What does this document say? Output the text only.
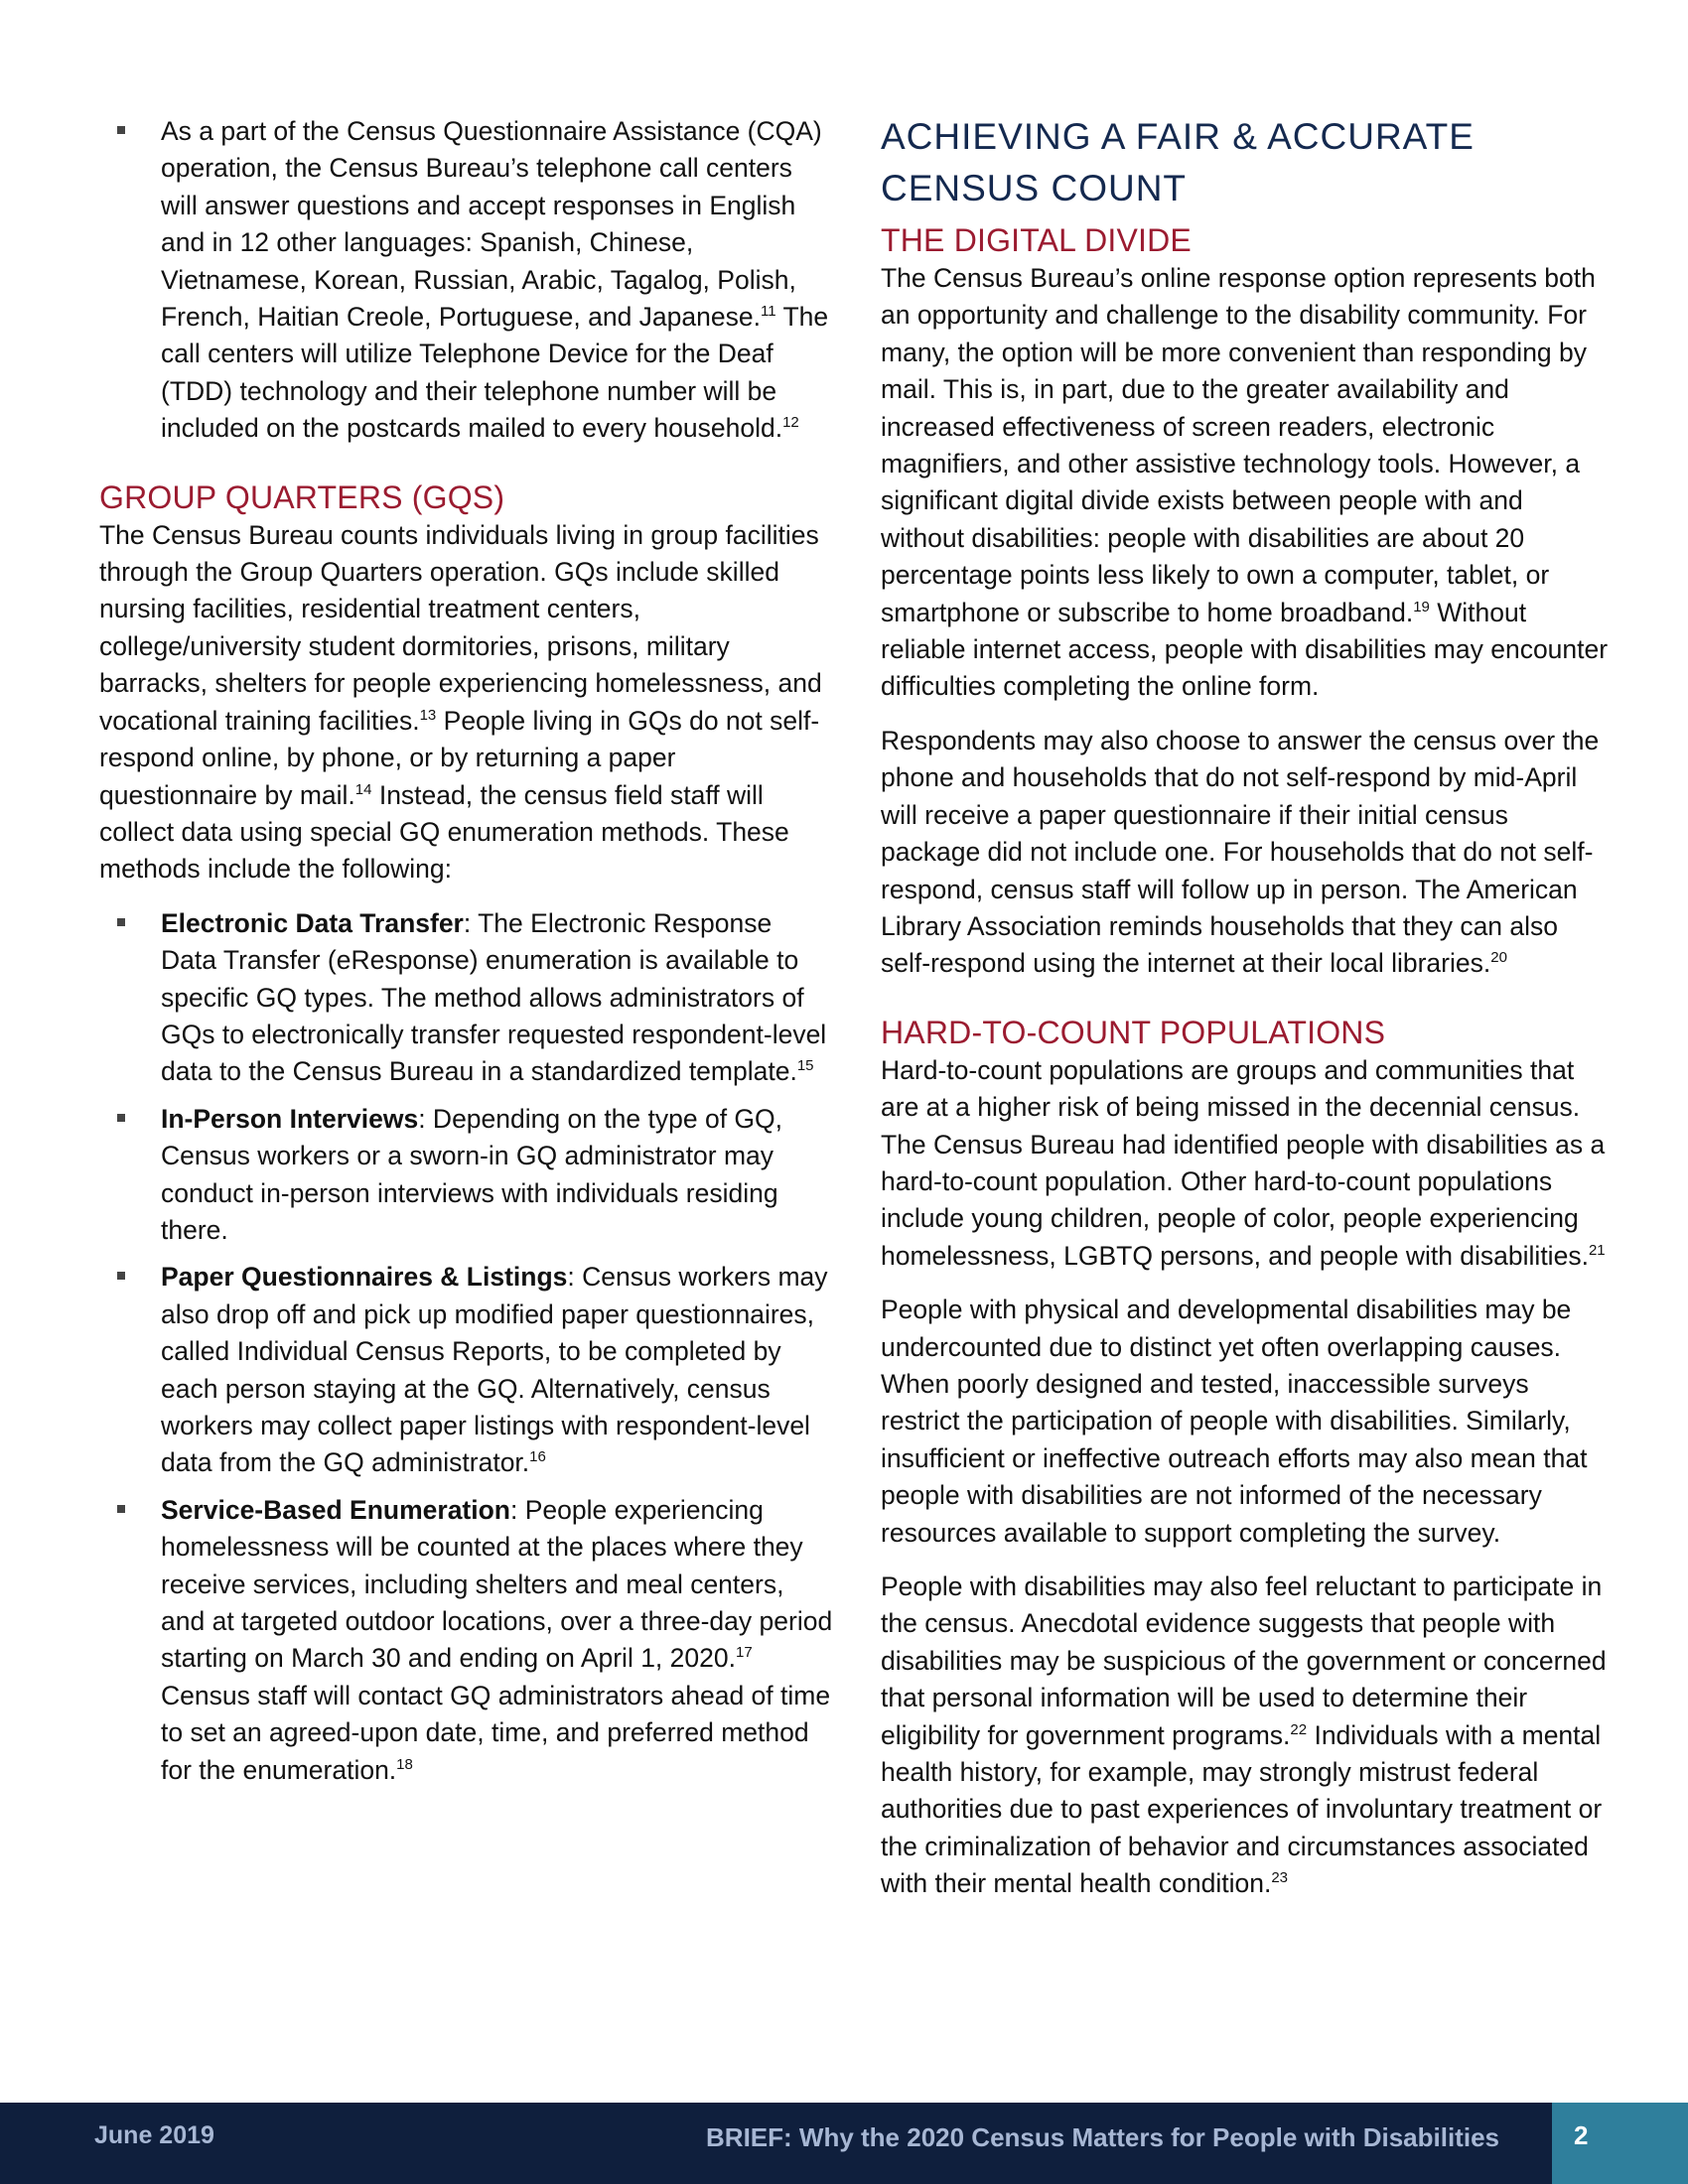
As a part of the Census Questionnaire Assistance (CQA) operation, the Census Bureau’s telephone call centers will answer questions and accept responses in English and in 12 other languages: Spanish, Chinese, Vietnamese, Korean, Russian, Arabic, Tagalog, Polish, French, Haitian Creole, Portuguese, and Japanese.$^{11}$ The call centers will utilize Telephone Device for the Deaf (TDD) technology and their telephone number will be included on the postcards mailed to every household.$^{12}$
GROUP QUARTERS (GQS)

The Census Bureau counts individuals living in group facilities through the Group Quarters operation. GQs include skilled nursing facilities, residential treatment centers, college/university student dormitories, prisons, military barracks, shelters for people experiencing homelessness, and vocational training facilities.$^{13}$ People living in GQs do not self-respond online, by phone, or by returning a paper questionnaire by mail.$^{14}$ Instead, the census field staff will collect data using special GQ enumeration methods. These methods include the following:

Electronic Data Transfer: The Electronic Response Data Transfer (eResponse) enumeration is available to specific GQ types. The method allows administrators of GQs to electronically transfer requested respondent-level data to the Census Bureau in a standardized template.$^{15}$
In-Person Interviews: Depending on the type of GQ, Census workers or a sworn-in GQ administrator may conduct in-person interviews with individuals residing there.
Paper Questionnaires & Listings: Census workers may also drop off and pick up modified paper questionnaires, called Individual Census Reports, to be completed by each person staying at the GQ. Alternatively, census workers may collect paper listings with respondent-level data from the GQ administrator.$^{16}$
Service-Based Enumeration: People experiencing homelessness will be counted at the places where they receive services, including shelters and meal centers, and at targeted outdoor locations, over a three-day period starting on March 30 and ending on April 1, 2020.17 Census staff will contact GQ administrators ahead of time to set an agreed-upon date, time, and preferred method for the enumeration.$^{18}$
ACHIEVING A FAIR & ACCURATE CENSUS COUNT
THE DIGITAL DIVIDE

The Census Bureau’s online response option represents both an opportunity and challenge to the disability community. For many, the option will be more convenient than responding by mail. This is, in part, due to the greater availability and increased effectiveness of screen readers, electronic magnifiers, and other assistive technology tools. However, a significant digital divide exists between people with and without disabilities: people with disabilities are about 20 percentage points less likely to own a computer, tablet, or smartphone or subscribe to home broadband.$^{19}$ Without reliable internet access, people with disabilities may encounter difficulties completing the online form.

Respondents may also choose to answer the census over the phone and households that do not self-respond by mid-April will receive a paper questionnaire if their initial census package did not include one. For households that do not self-respond, census staff will follow up in person. The American Library Association reminds households that they can also self-respond using the internet at their local libraries.$^{20}$

HARD-TO-COUNT POPULATIONS

Hard-to-count populations are groups and communities that are at a higher risk of being missed in the decennial census. The Census Bureau had identified people with disabilities as a hard-to-count population. Other hard-to-count populations include young children, people of color, people experiencing homelessness, LGBTQ persons, and people with disabilities.$^{21}$

People with physical and developmental disabilities may be undercounted due to distinct yet often overlapping causes. When poorly designed and tested, inaccessible surveys restrict the participation of people with disabilities. Similarly, insufficient or ineffective outreach efforts may also mean that people with disabilities are not informed of the necessary resources available to support completing the survey.

People with disabilities may also feel reluctant to participate in the census. Anecdotal evidence suggests that people with disabilities may be suspicious of the government or concerned that personal information will be used to determine their eligibility for government programs.$^{22}$ Individuals with a mental health history, for example, may strongly mistrust federal authorities due to past experiences of involuntary treatment or the criminalization of behavior and circumstances associated with their mental health condition.$^{23}$

June 2019	BRIEF: Why the 2020 Census Matters for People with Disabilities	2
